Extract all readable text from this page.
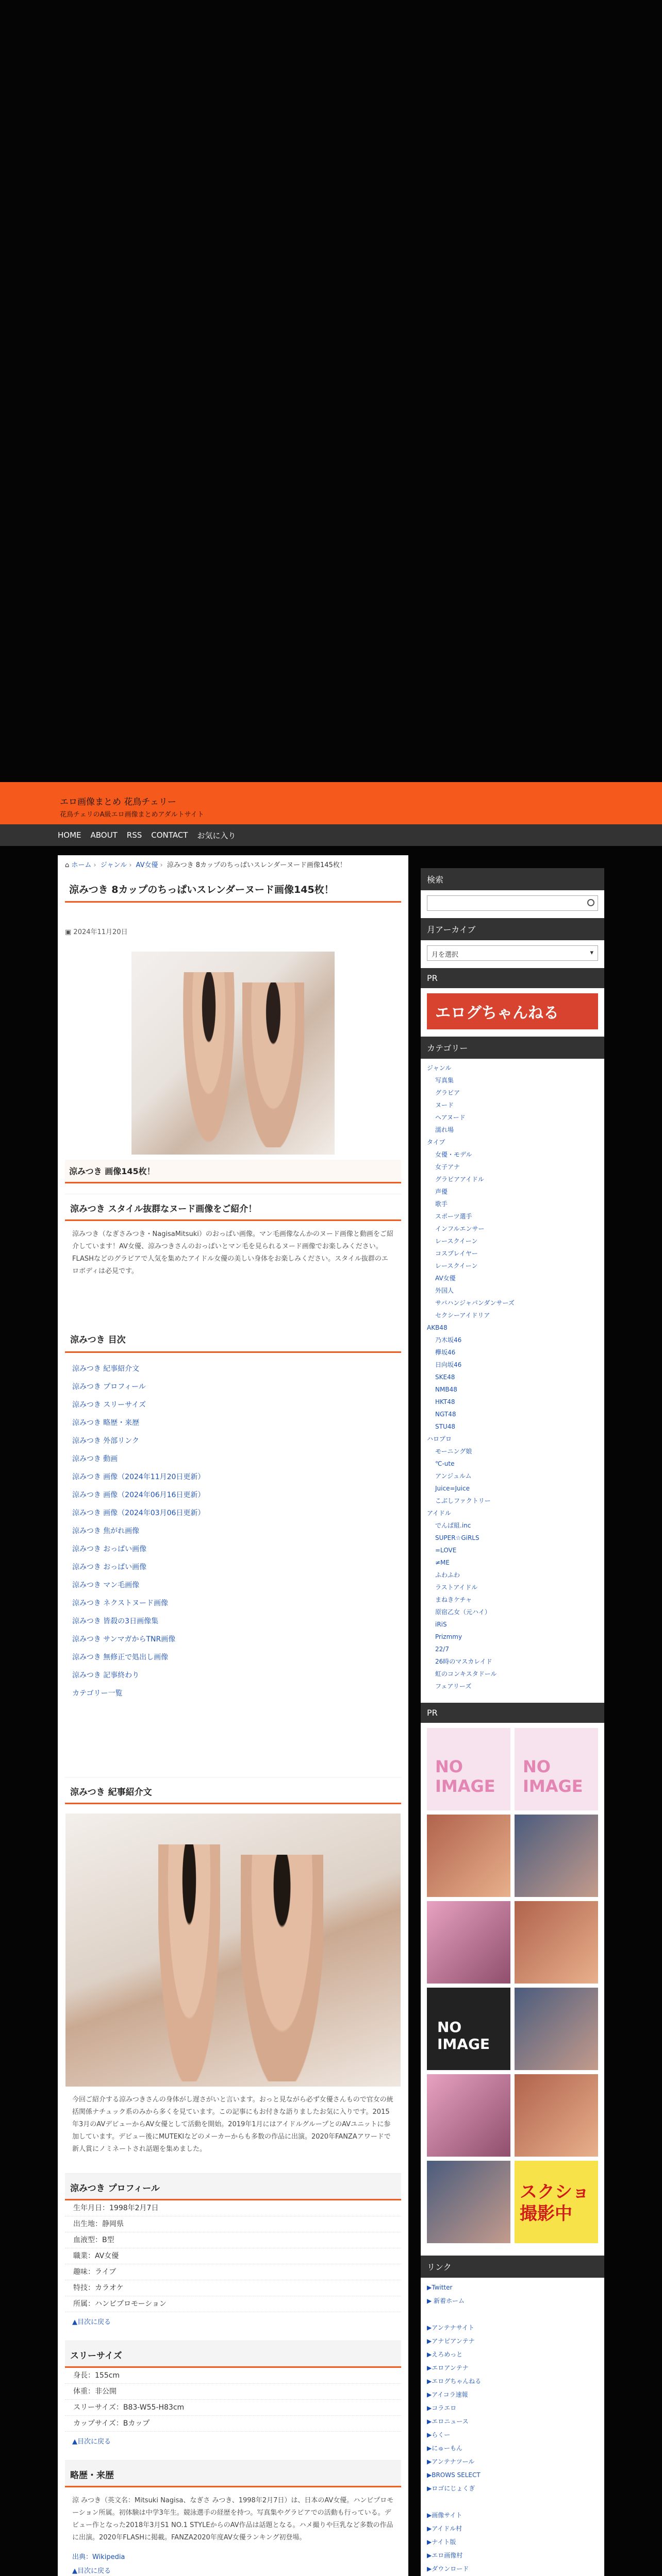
エロ画像まとめ 花鳥チェリー
花鳥チェリのA級エロ画像まとめアダルトサイト
HOME ABOUT RSS CONTACT お気に入り
⌂ ホーム › ジャンル › AV女優 › 涼みつき 8カップのちっぱいスレンダーヌード画像145枚！
涼みつき 8カップのちっぱいスレンダーヌード画像145枚！
▣ 2024年11月20日
涼みつき 画像145枚！
涼みつき スタイル抜群なヌード画像をご紹介！

涼みつき（なぎさみつき・NagisaMitsuki）のおっぱい画像。マン毛画像なんかのヌード画像と動画をご紹介しています！AV女優、涼みつきさんのおっぱいとマン毛を見られるヌード画像でお楽しみください。FLASHなどのグラビアで人気を集めたアイドル女優の美しい身体をお楽しみください。スタイル抜群のエロボディは必見です。

涼みつき 目次
涼みつき 紀事紹介文
涼みつき プロフィール
涼みつき スリーサイズ
涼みつき 略歴・来歴
涼みつき 外部リンク
涼みつき 動画
涼みつき 画像（2024年11月20日更新）
涼みつき 画像（2024年06月16日更新）
涼みつき 画像（2024年03月06日更新）
涼みつき 焦がれ画像
涼みつき おっぱい画像
涼みつき おっぱい画像
涼みつき マン毛画像
涼みつき ネクストヌード画像
涼みつき 皆殺の3日画像集
涼みつき サンマガからTNR画像
涼みつき 無修正で処出し画像
涼みつき 記事終わり
カテゴリー一覧
涼みつき 紀事紹介文

今回ご紹介する涼みつきさんの身体がし遅さがいと言います。おっと見ながら必ず女優さんもので官女の統括関係ナチュック系のみから多くを見ています。この記事にもお付きな語りましたお気に入りです。2015年3月のAVデビューからAV女優として活動を開始。2019年1月にはアイドルグループとのAVユニットに参加しています。デビュー後にMUTEKIなどのメーカーからも多数の作品に出演。2020年FANZAアワードで新人賞にノミネートされ話題を集めました。

涼みつき プロフィール
生年月日：1998年2月7日
出生地：静岡県
血液型：B型
職業：AV女優
趣味：ライブ
特技：カラオケ
所属：ハンビプロモーション
▲目次に戻る
スリーサイズ
身長：155cm
体重：非公開
スリーサイズ：B83-W55-H83cm
カップサイズ：Bカップ
▲目次に戻る
略歴・来歴

涼 みつき（英文名：Mitsuki Nagisa、なぎさ みつき、1998年2月7日）は、日本のAV女優。ハンビプロモーション所属。初体験は中学3年生。競泳選手の経歴を持つ。写真集やグラビアでの活動も行っている。デビュー作となった2018年3月S1 NO.1 STYLEからのAV作品は話題となる。ハメ撮りや巨乳など多数の作品に出演。2020年FLASHに掲載。FANZA2020年度AV女優ランキング初登場。

出典：Wikipedia
▲目次に戻る
検索
月アーカイブ
月を選択	▾
PR
エログちゃんねる
カテゴリー
ジャンル
写真集
グラビア
ヌード
ヘアヌード
濡れ場
タイプ
女優・モデル
女子アナ
グラビアアイドル
声優
歌手
スポーツ選手
インフルエンサー
レースクイーン
コスプレイヤー
レースクイーン
AV女優
外国人
サバハンジャパンダンサーズ
セクシーアイドリア
AKB48
乃木坂46
欅坂46
日向坂46
SKE48
NMB48
HKT48
NGT48
STU48
ハロプロ
モーニング娘
℃-ute
アンジュルム
Juice=Juice
こぶしファクトリー
アイドル
でんぱ組.inc
SUPER☆GiRLS
=LOVE
≠ME
ふわふわ
ラストアイドル
まねきケチャ
原宿乙女（元ハイ）
iRiS
Prizmmy
22/7
26時のマスカレイド
虹のコンキスタドール
フェアリーズ
PR
NO IMAGE
NO IMAGE
NO IMAGE
スクショ撮影中
リンク
▶Twitter
▶ 新着ホーム

▶アンテナサイト
▶アナピアンテナ
▶えろめっと
▶エロアンテナ
▶エログちゃんねる
▶アイコラ速報
▶コラエロ
▶エロニュース
▶らくー
▶にゅーもん
▶アンテナツール
▶BROWS SELECT
▶ロゴにじょくぎ

▶画像サイト
▶アイドル村
▶ナイト版
▶エロ画像村
▶ダウンロード
